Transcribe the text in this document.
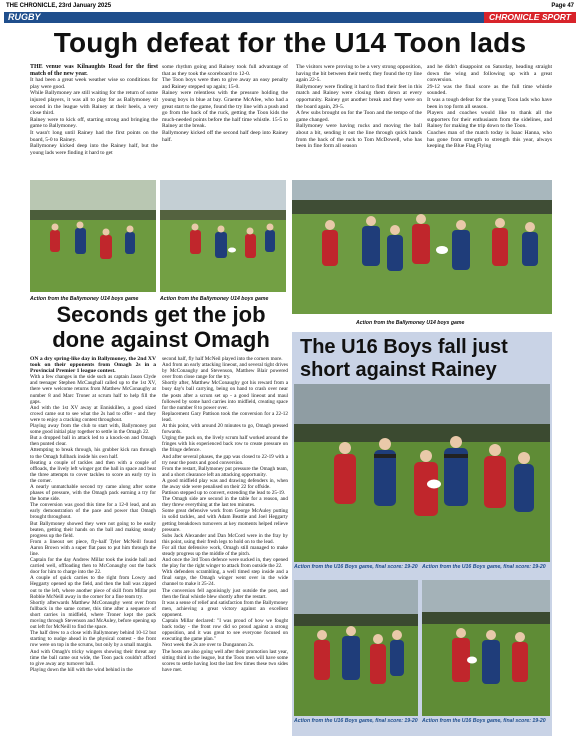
THE CHRONICLE, 23rd January 2025	Page 47
RUGBY	CHRONICLE SPORT
Tough defeat for the U14 Toon lads

THE venue was Kilnaughts Road for the first match of the new year.

It had been a great week weather wise so conditions for play were good.

While Ballymoney are still waiting for the return of some injured players, it was all to play for as Ballymoney sit second in the league with Rainey at their heels, a very close third.

Rainey were to kick off, starting strong and bringing the game to Ballymoney.

It wasn't long until Rainey had the first points on the board, 5-0 to Rainey.

Ballymoney kicked deep into the Rainey half, but the young lads were finding it hard to get

some rhythm going and Rainey took full advantage of that as they took the scoreboard to 12-0.

The Toon boys were then to give away an easy penalty and Rainey stepped up again; 15-0.

Rainey were relentless with the pressure holding the young boys in blue at bay. Graeme McAfee, who had a great start to the game, found the try line with a push and go from the back of the ruck, getting the Toon kids the much-needed points before the half time whistle. 15-5 to Rainey at the break.

Ballymoney kicked off the second half deep into Rainey half.

The visitors were proving to be a very strong opposition, having the bit between their teeth; they found the try line again 22-5.

Ballymoney were finding it hard to find their feet in this match and Rainey were closing them down at every opportunity. Rainey got another break and they were on the board again, 29-5.

A few subs brought on for the Toon and the tempo of the game changed.

Ballymoney were having rucks and moving the ball about a bit, sending it out the line through quick hands from the back of the ruck to Tom McDowell, who has been in fine form all season

and he didn't disappoint on Saturday, heading straight down the wing and following up with a great conversion.

29-12 was the final score as the full time whistle sounded.

It was a tough defeat for the young Toon lads who have been in top form all season.

Players and coaches would like to thank all the supporters for their enthusiasm from the sidelines, and Rainey for making the trip down to the Toon.

Coaches man of the match today is Isaac Hanna, who has gone from strength to strength this year, always keeping the Blue Flag Flying

Action from the Ballymoney U14 boys game	Action from the Ballymoney U14 boys game
Action from the Ballymoney U14 boys game
Seconds get the job done against Omagh

ON a dry spring-like day in Ballymoney, the 2nd XV took on their opponents from Omagh 2s in a Provincial Premier 1 league contest.

With a few changes in the side such as captain Jason Clyde and teenager Stephen McCaughall called up to the 1st XV, there were welcome returns from Matthew McConaughy at number 8 and Marc Troner at scrum half to help fill the gaps.

And with the 1st XV away at Enniskillen, a good sized crowd came out to see what the 2s had to offer - and they were to enjoy a cracking contest throughout.

Playing away from the club to start with, Ballymoney put some good initial play together to settle in the Omagh 22.

But a dropped ball in attack led to a knock-on and Omagh then punted clear.

Attempting to break through, his grubber kick ran through to the Omagh fullback inside his own half.

Beating a couple of tackles and then with a couple of offloads, the lively left winger got the ball in space and beat the three attempts to cover tackles to score an early try in the corner.

A nearly unmatchable second try came along after some phases of pressure, with the Omagh pack earning a try for the home side.

The conversion was good this time for a 12-0 lead, and an early demonstration of the pace and power that Omagh brought throughout.

But Ballymoney showed they were not going to be easily beaten, getting their hands on the ball and making steady progress up the field.

From a lineout set piece, fly-half Tyler McNeill found Aaron Brown with a super flat pass to put him through the line.

Captain for the day Andrew Millar took the inside ball and carried well, offloading then to McConaughy out the back door for him to charge into the 22.

A couple of quick carries to the right from Lowry and Heggarty opened up the field, and then the ball was zipped out to the left, where another piece of skill from Millar put Robbie McNeill away in the corner for a fine team try.

Shortly afterwards Matthew McConaughy went over from fullback in the same corner, this time after a sequence of short carries in midfield, where Troner kept the pack moving through Stevenson and McAuley, before opening up out left for McNeill to find the space.

The half drew to a close with Ballymoney behind 10-12 but starting to nudge ahead in the physical contest - the front row were on top in the scrums, but only by a small margin.

And with Omagh's tricky wingers showing their threat any time the ball came out wide, the Toon pack couldn't afford to give away any turnover ball.

Playing down the hill with the wind behind in the

second half, fly half McNeil played into the corners more.

And from an early attacking lineout, and several tight drives by McConaughy and Stevenson, Matthew Blair powered over from close range for the try.

Shortly after, Matthew McConaughy got his reward from a busy day's ball carrying, being on hand to crash over near the posts after a scrum set up - a good lineout and maul followed by some hard carries into midfield, creating space for the number 8 to power over.

Replacement Gary Pattison took the conversion for a 22-12 lead.

At this point, with around 20 minutes to go, Omagh pressed forwards.

Urging the pack on, the lively scrum half worked around the fringes with his experienced back row to create pressure on the fringe defence.

And after several phases, the gap was closed to 22-19 with a try near the posts and good conversion.

From the restart, Ballymoney put pressure the Omagh team, and a short clearance left an attacking opportunity.

A good midfield play was and drawing defenders in, when the away side were penalised on their 22 for offside.

Pattison stepped up to convert, extending the lead to 25-19.

The Omagh side are second in the table for a reason, and they threw everything at the last ten minutes.

Some great defensive work from George McAuley putting in solid tackles, and with Adam Beattie and Joel Heggarty getting breakdown turnovers at key moments helped relieve pressure.

Subs Jack Alexander and Dan McCord were in the fray by this point, using their fresh legs to hold on to the lead.

For all that defensive work, Omagh still managed to make steady progress up the middle of the pitch.

And once the 3rd Toon defence were sucked in, they opened the play for the right winger to attack from outside the 22.

With defenders scrambling, a well timed step inside and a final surge, the Omagh winger went over in the wide channel to make it 25-24.

The conversion fell agonisingly just outside the post, and then the final whistle blew shortly after the restart.

It was a sense of relief and satisfaction from the Ballymoney men, achieving a great victory against an excellent opponent.

Captain Millar declared: "I was proud of how we fought back today - the front row did so proud against a strong opposition, and it was great to see everyone focused on executing the game plan."

Next week the 2s are over to Dungannon 2s.

The hosts are also going well after their promotion last year, sitting third in the league, but the Toon men will have some scores to settle having lost the last few times these two sides have met.

The U16 Boys fall just short against Rainey
Action from the U16 Boys game, final score: 19-20 Action from the U16 Boys game, final score: 19-20
Action from the U16 Boys game, final score: 19-20 Action from the U16 Boys game, final score: 19-20
